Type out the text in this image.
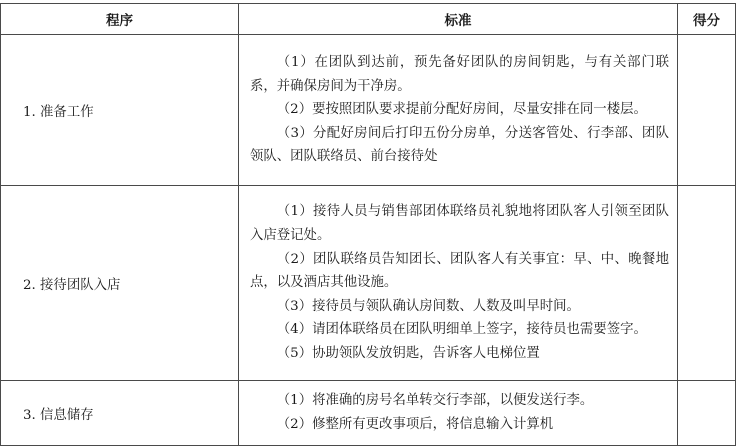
程序	标准	得分
1. 准备工作	（1）在团队到达前，预先备好团队的房间钥匙，与有关部门联系，并确保房间为干净房。

（2）要按照团队要求提前分配好房间，尽量安排在同一楼层。

（3）分配好房间后打印五份分房单，分送客管处、行李部、团队领队、团队联络员、前台接待处	

2. 接待团队入店	（1）接待人员与销售部团体联络员礼貌地将团队客人引领至团队入店登记处。

（2）团队联络员告知团长、团队客人有关事宜：早、中、晚餐地点，以及酒店其他设施。

（3）接待员与领队确认房间数、人数及叫早时间。

（4）请团体联络员在团队明细单上签字，接待员也需要签字。

（5）协助领队发放钥匙，告诉客人电梯位置	

3. 信息储存	（1）将准确的房号名单转交行李部，以便发送行李。

（2）修整所有更改事项后，将信息输入计算机	
